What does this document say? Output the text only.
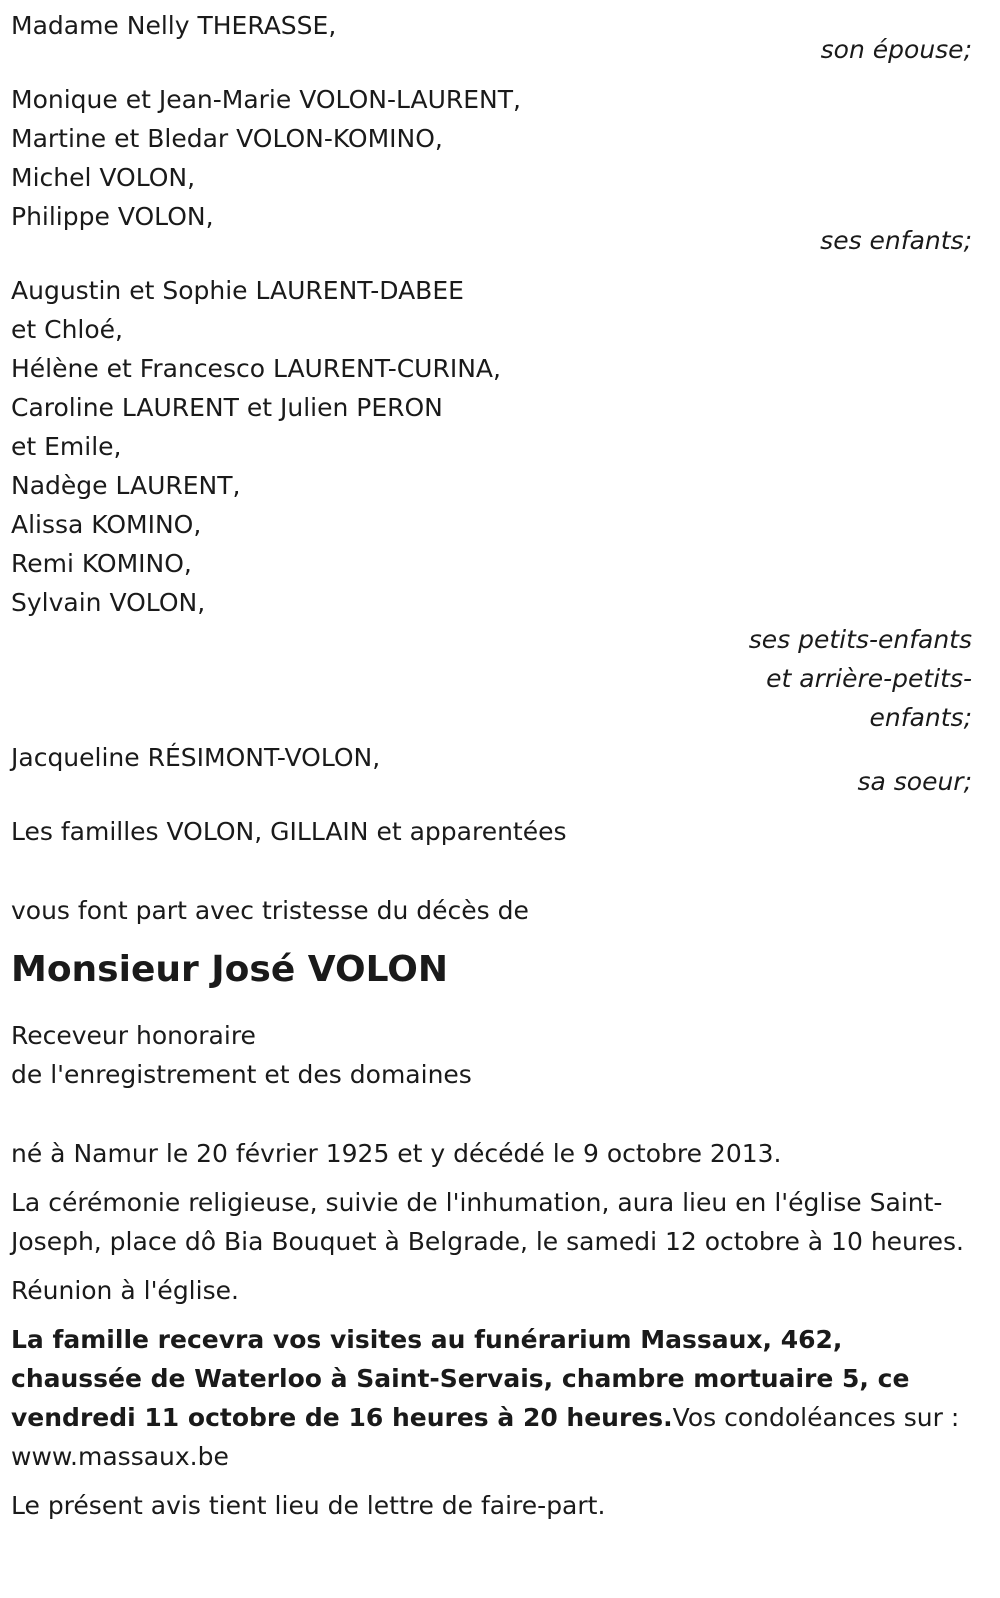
Madame Nelly THERASSE,
son épouse;
Monique et Jean-Marie VOLON-LAURENT,
Martine et Bledar VOLON-KOMINO,
Michel VOLON,
Philippe VOLON,
ses enfants;
Augustin et Sophie LAURENT-DABEE
et Chloé,
Hélène et Francesco LAURENT-CURINA,
Caroline LAURENT et Julien PERON
et Emile,
Nadège LAURENT,
Alissa KOMINO,
Remi KOMINO,
Sylvain VOLON,
ses petits-enfants
et arrière-petits-
enfants;
Jacqueline RÉSIMONT-VOLON,
sa soeur;
Les familles VOLON, GILLAIN et apparentées
vous font part avec tristesse du décès de
Monsieur José VOLON
Receveur honoraire
de l'enregistrement et des domaines
né à Namur le 20 février 1925 et y décédé le 9 octobre 2013.
La cérémonie religieuse, suivie de l'inhumation, aura lieu en l'église Saint-Joseph, place dô Bia Bouquet à Belgrade, le samedi 12 octobre à 10 heures.
Réunion à l'église.
La famille recevra vos visites au funérarium Massaux, 462, chaussée de Waterloo à Saint-Servais, chambre mortuaire 5, ce vendredi 11 octobre de 16 heures à 20 heures.Vos condoléances sur : www.massaux.be
Le présent avis tient lieu de lettre de faire-part.
